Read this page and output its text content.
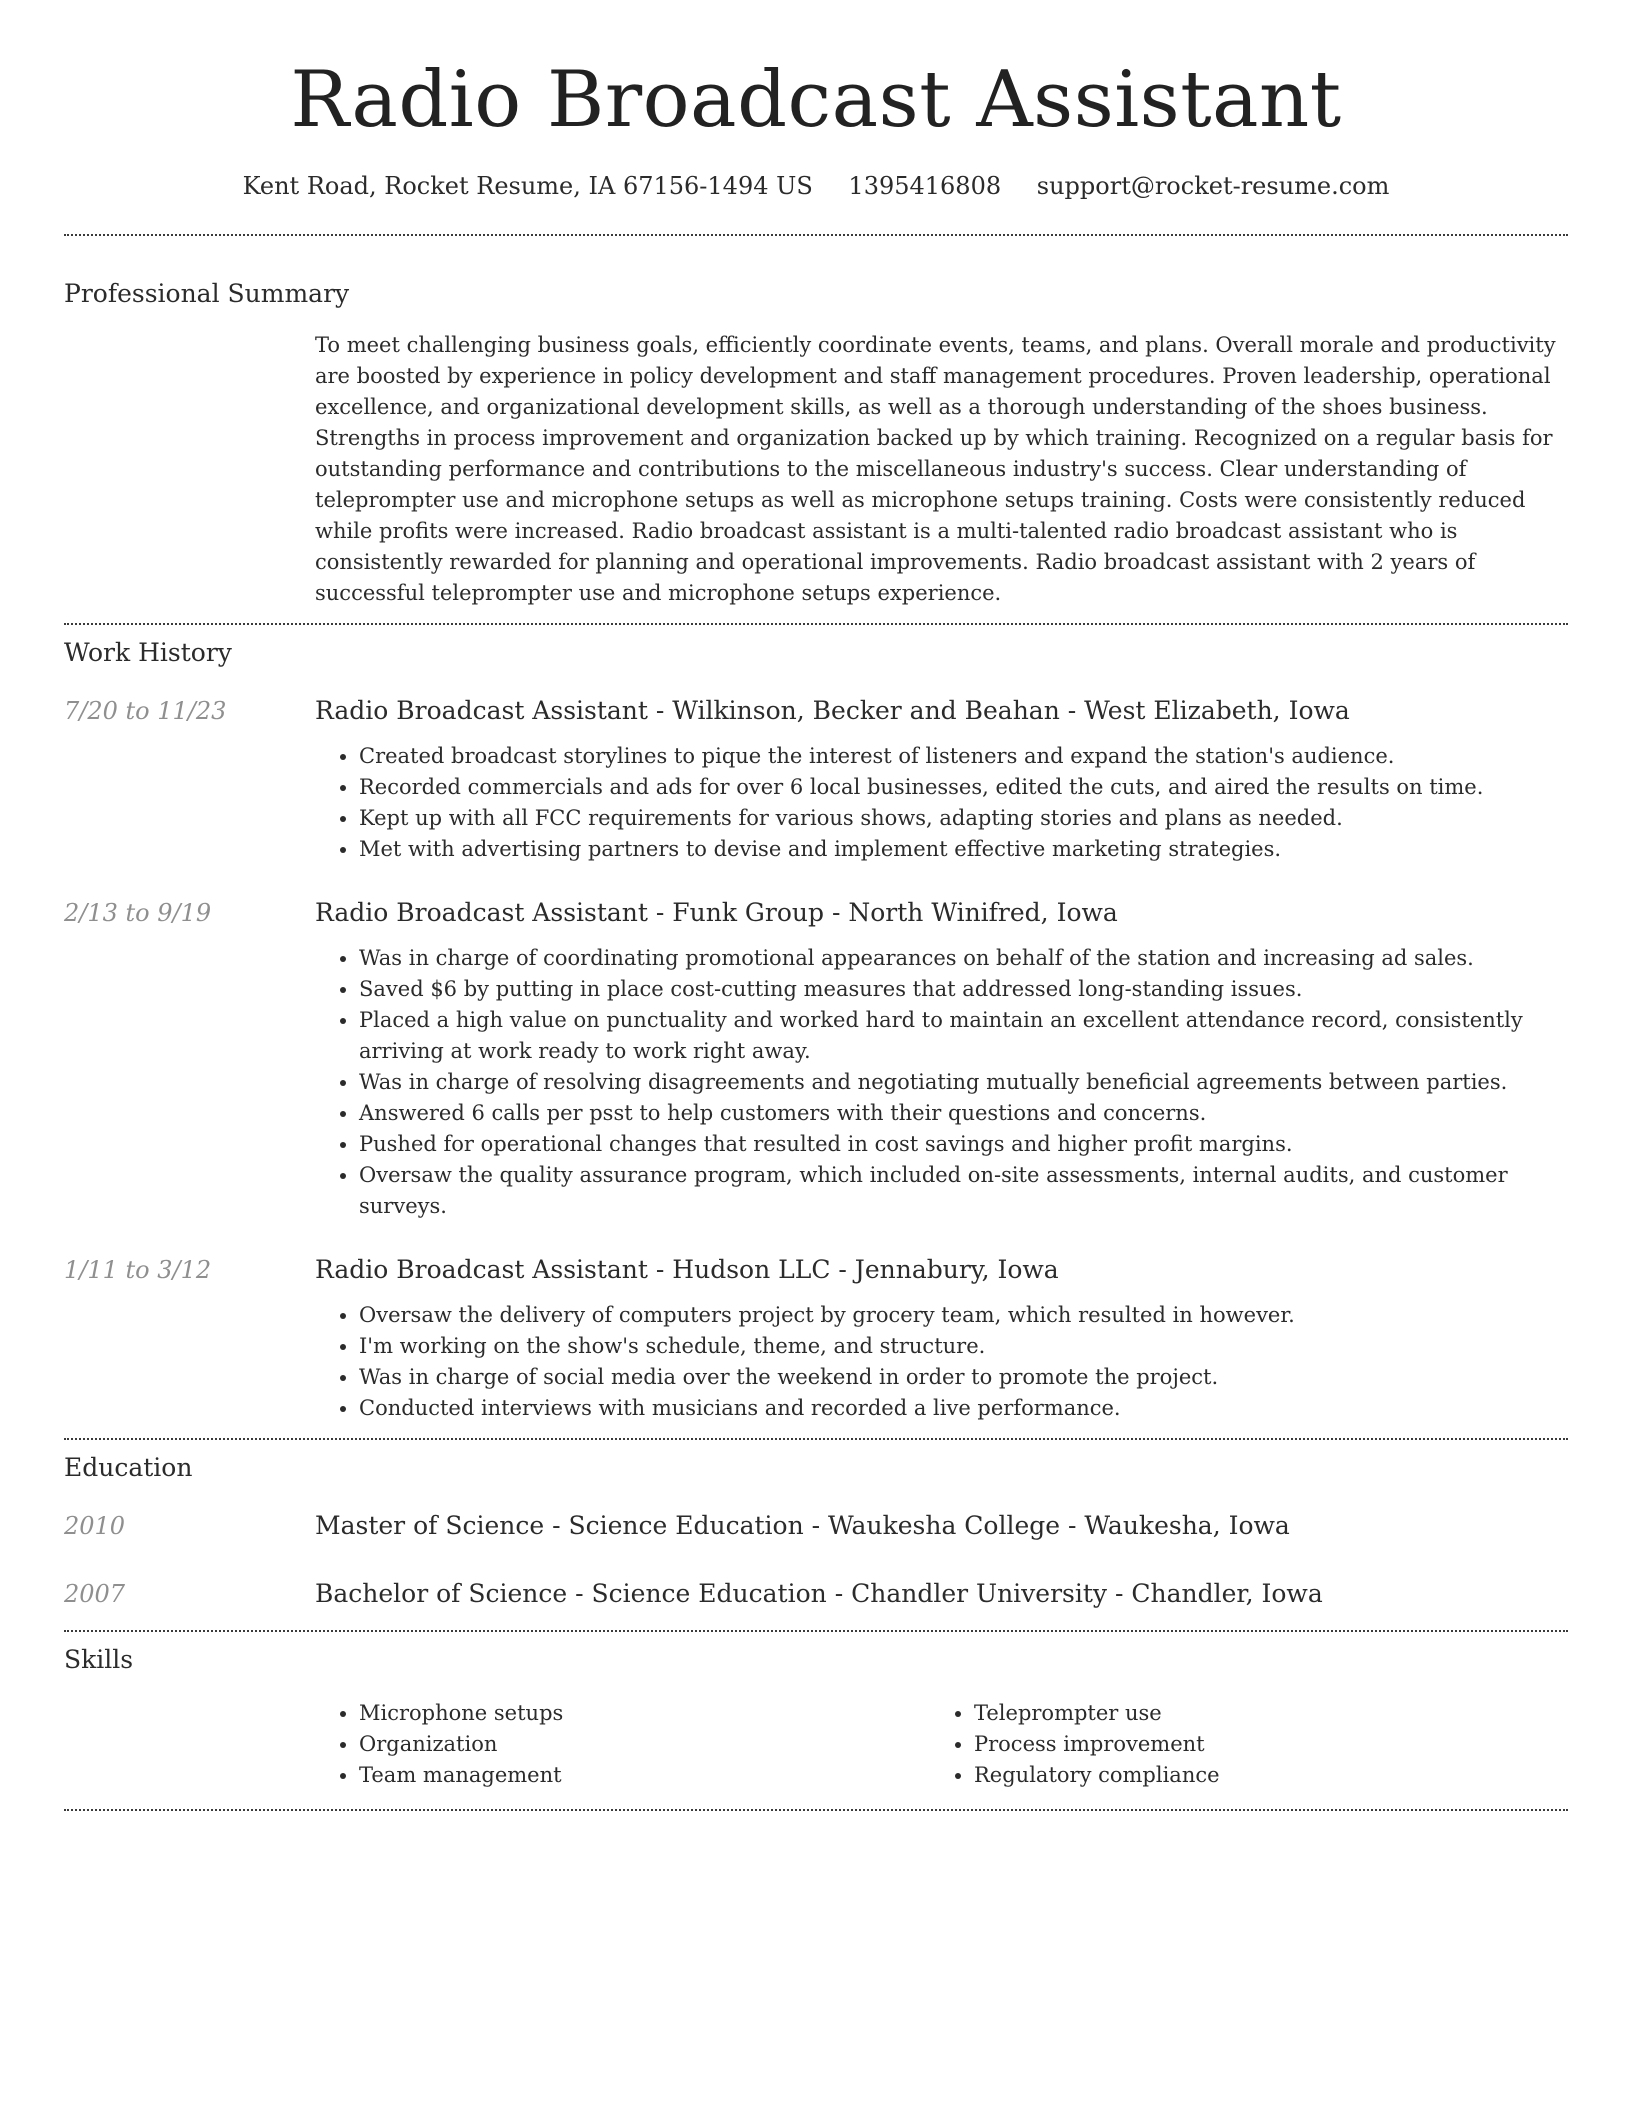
Radio Broadcast Assistant
Kent Road, Rocket Resume, IA 67156-1494 US 1395416808 support@rocket-resume.com
Professional Summary
To meet challenging business goals, efficiently coordinate events, teams, and plans. Overall morale and productivity are boosted by experience in policy development and staff management procedures. Proven leadership, operational excellence, and organizational development skills, as well as a thorough understanding of the shoes business. Strengths in process improvement and organization backed up by which training. Recognized on a regular basis for outstanding performance and contributions to the miscellaneous industry's success. Clear understanding of teleprompter use and microphone setups as well as microphone setups training. Costs were consistently reduced while profits were increased. Radio broadcast assistant is a multi-talented radio broadcast assistant who is consistently rewarded for planning and operational improvements. Radio broadcast assistant with 2 years of successful teleprompter use and microphone setups experience.
Work History
7/20 to 11/23	Radio Broadcast Assistant - Wilkinson, Becker and Beahan - West Elizabeth, Iowa
• Created broadcast storylines to pique the interest of listeners and expand the station's audience.
• Recorded commercials and ads for over 6 local businesses, edited the cuts, and aired the results on time.
• Kept up with all FCC requirements for various shows, adapting stories and plans as needed.
• Met with advertising partners to devise and implement effective marketing strategies.
2/13 to 9/19	Radio Broadcast Assistant - Funk Group - North Winifred, Iowa
• Was in charge of coordinating promotional appearances on behalf of the station and increasing ad sales.
• Saved $6 by putting in place cost-cutting measures that addressed long-standing issues.
• Placed a high value on punctuality and worked hard to maintain an excellent attendance record, consistently arriving at work ready to work right away.
• Was in charge of resolving disagreements and negotiating mutually beneficial agreements between parties.
• Answered 6 calls per psst to help customers with their questions and concerns.
• Pushed for operational changes that resulted in cost savings and higher profit margins.
• Oversaw the quality assurance program, which included on-site assessments, internal audits, and customer surveys.
1/11 to 3/12	Radio Broadcast Assistant - Hudson LLC - Jennabury, Iowa
• Oversaw the delivery of computers project by grocery team, which resulted in however.
• I'm working on the show's schedule, theme, and structure.
• Was in charge of social media over the weekend in order to promote the project.
• Conducted interviews with musicians and recorded a live performance.
Education
2010	Master of Science - Science Education - Waukesha College - Waukesha, Iowa
2007	Bachelor of Science - Science Education - Chandler University - Chandler, Iowa
Skills
• Microphone setups
• Organization
• Team management
• Teleprompter use
• Process improvement
• Regulatory compliance
